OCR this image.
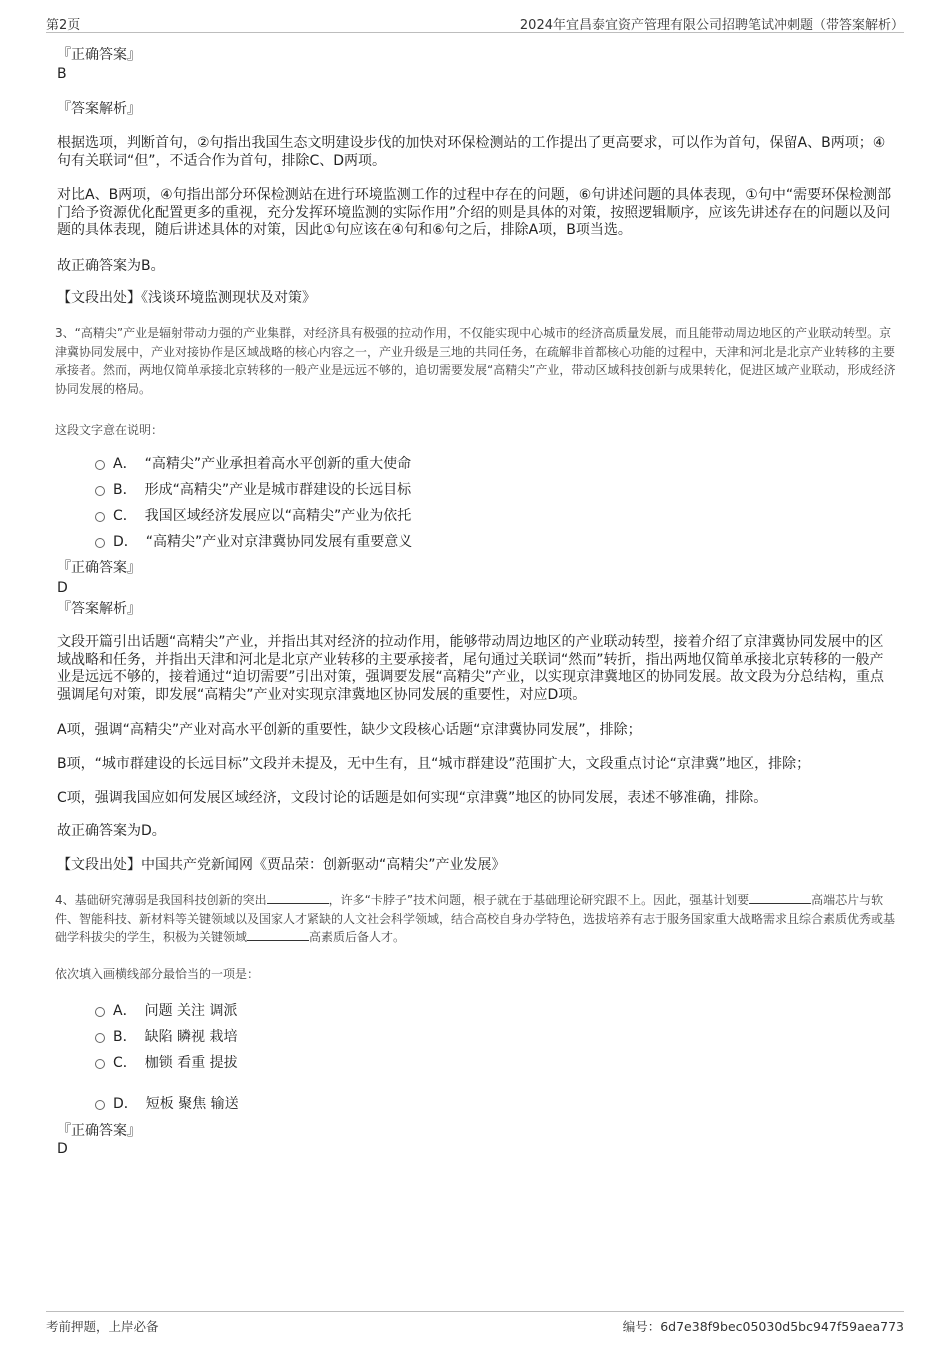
第2页	2024年宜昌泰宜资产管理有限公司招聘笔试冲刺题（带答案解析）
『正确答案』
B
『答案解析』
根据选项，判断首句，②句指出我国生态文明建设步伐的加快对环保检测站的工作提出了更高要求，可以作为首句，保留A、B两项；④句有关联词“但”，不适合作为首句，排除C、D两项。
对比A、B两项，④句指出部分环保检测站在进行环境监测工作的过程中存在的问题，⑥句讲述问题的具体表现，①句中“需要环保检测部门给予资源优化配置更多的重视，充分发挥环境监测的实际作用”介绍的则是具体的对策，按照逻辑顺序，应该先讲述存在的问题以及问题的具体表现，随后讲述具体的对策，因此①句应该在④句和⑥句之后，排除A项，B项当选。
故正确答案为B。
【文段出处】《浅谈环境监测现状及对策》
3、“高精尖”产业是辐射带动力强的产业集群，对经济具有极强的拉动作用，不仅能实现中心城市的经济高质量发展，而且能带动周边地区的产业联动转型。京津冀协同发展中，产业对接协作是区域战略的核心内容之一，产业升级是三地的共同任务，在疏解非首都核心功能的过程中，天津和河北是北京产业转移的主要承接者。然而，两地仅简单承接北京转移的一般产业是远远不够的，追切需要发展“高精尖”产业，带动区域科技创新与成果转化，促进区域产业联动，形成经济协同发展的格局。
这段文字意在说明：
A． “高精尖”产业承担着高水平创新的重大使命
B． 形成“高精尖”产业是城市群建设的长远目标
C． 我国区域经济发展应以“高精尖”产业为依托
D． “高精尖”产业对京津冀协同发展有重要意义
『正确答案』
D
『答案解析』
文段开篇引出话题“高精尖”产业，并指出其对经济的拉动作用，能够带动周边地区的产业联动转型，接着介绍了京津冀协同发展中的区域战略和任务，并指出天津和河北是北京产业转移的主要承接者，尾句通过关联词“然而”转折，指出两地仅简单承接北京转移的一般产业是远远不够的，接着通过“迫切需要”引出对策，强调要发展“高精尖”产业，以实现京津冀地区的协同发展。故文段为分总结构，重点强调尾句对策，即发展“高精尖”产业对实现京津冀地区协同发展的重要性，对应D项。
A项，强调“高精尖”产业对高水平创新的重要性，缺少文段核心话题“京津冀协同发展”，排除；
B项，“城市群建设的长远目标”文段并未提及，无中生有，且“城市群建设”范围扩大，文段重点讨论“京津冀”地区，排除；
C项，强调我国应如何发展区域经济，文段讨论的话题是如何实现“京津冀”地区的协同发展，表述不够准确，排除。
故正确答案为D。
【文段出处】中国共产党新闻网《贾品荣：创新驱动“高精尖”产业发展》
4、基础研究薄弱是我国科技创新的突出	，许多“卡脖子”技术问题，根子就在于基础理论研究跟不上。因此，强基计划要	高端芯片与软件、智能科技、新材料等关键领域以及国家人才紧缺的人文社会科学领域，结合高校自身办学特色，选拔培养有志于服务国家重大战略需求且综合素质优秀或基础学科拔尖的学生，积极为关键领域	高素质后备人才。
依次填入画横线部分最恰当的一项是：
A． 问题 关注 调派
B． 缺陷 瞵视 栽培
C． 枷锁 看重 提拔
D． 短板 聚焦 输送
『正确答案』
D
考前押题，上岸必备	编号：6d7e38f9bec05030d5bc947f59aea773
